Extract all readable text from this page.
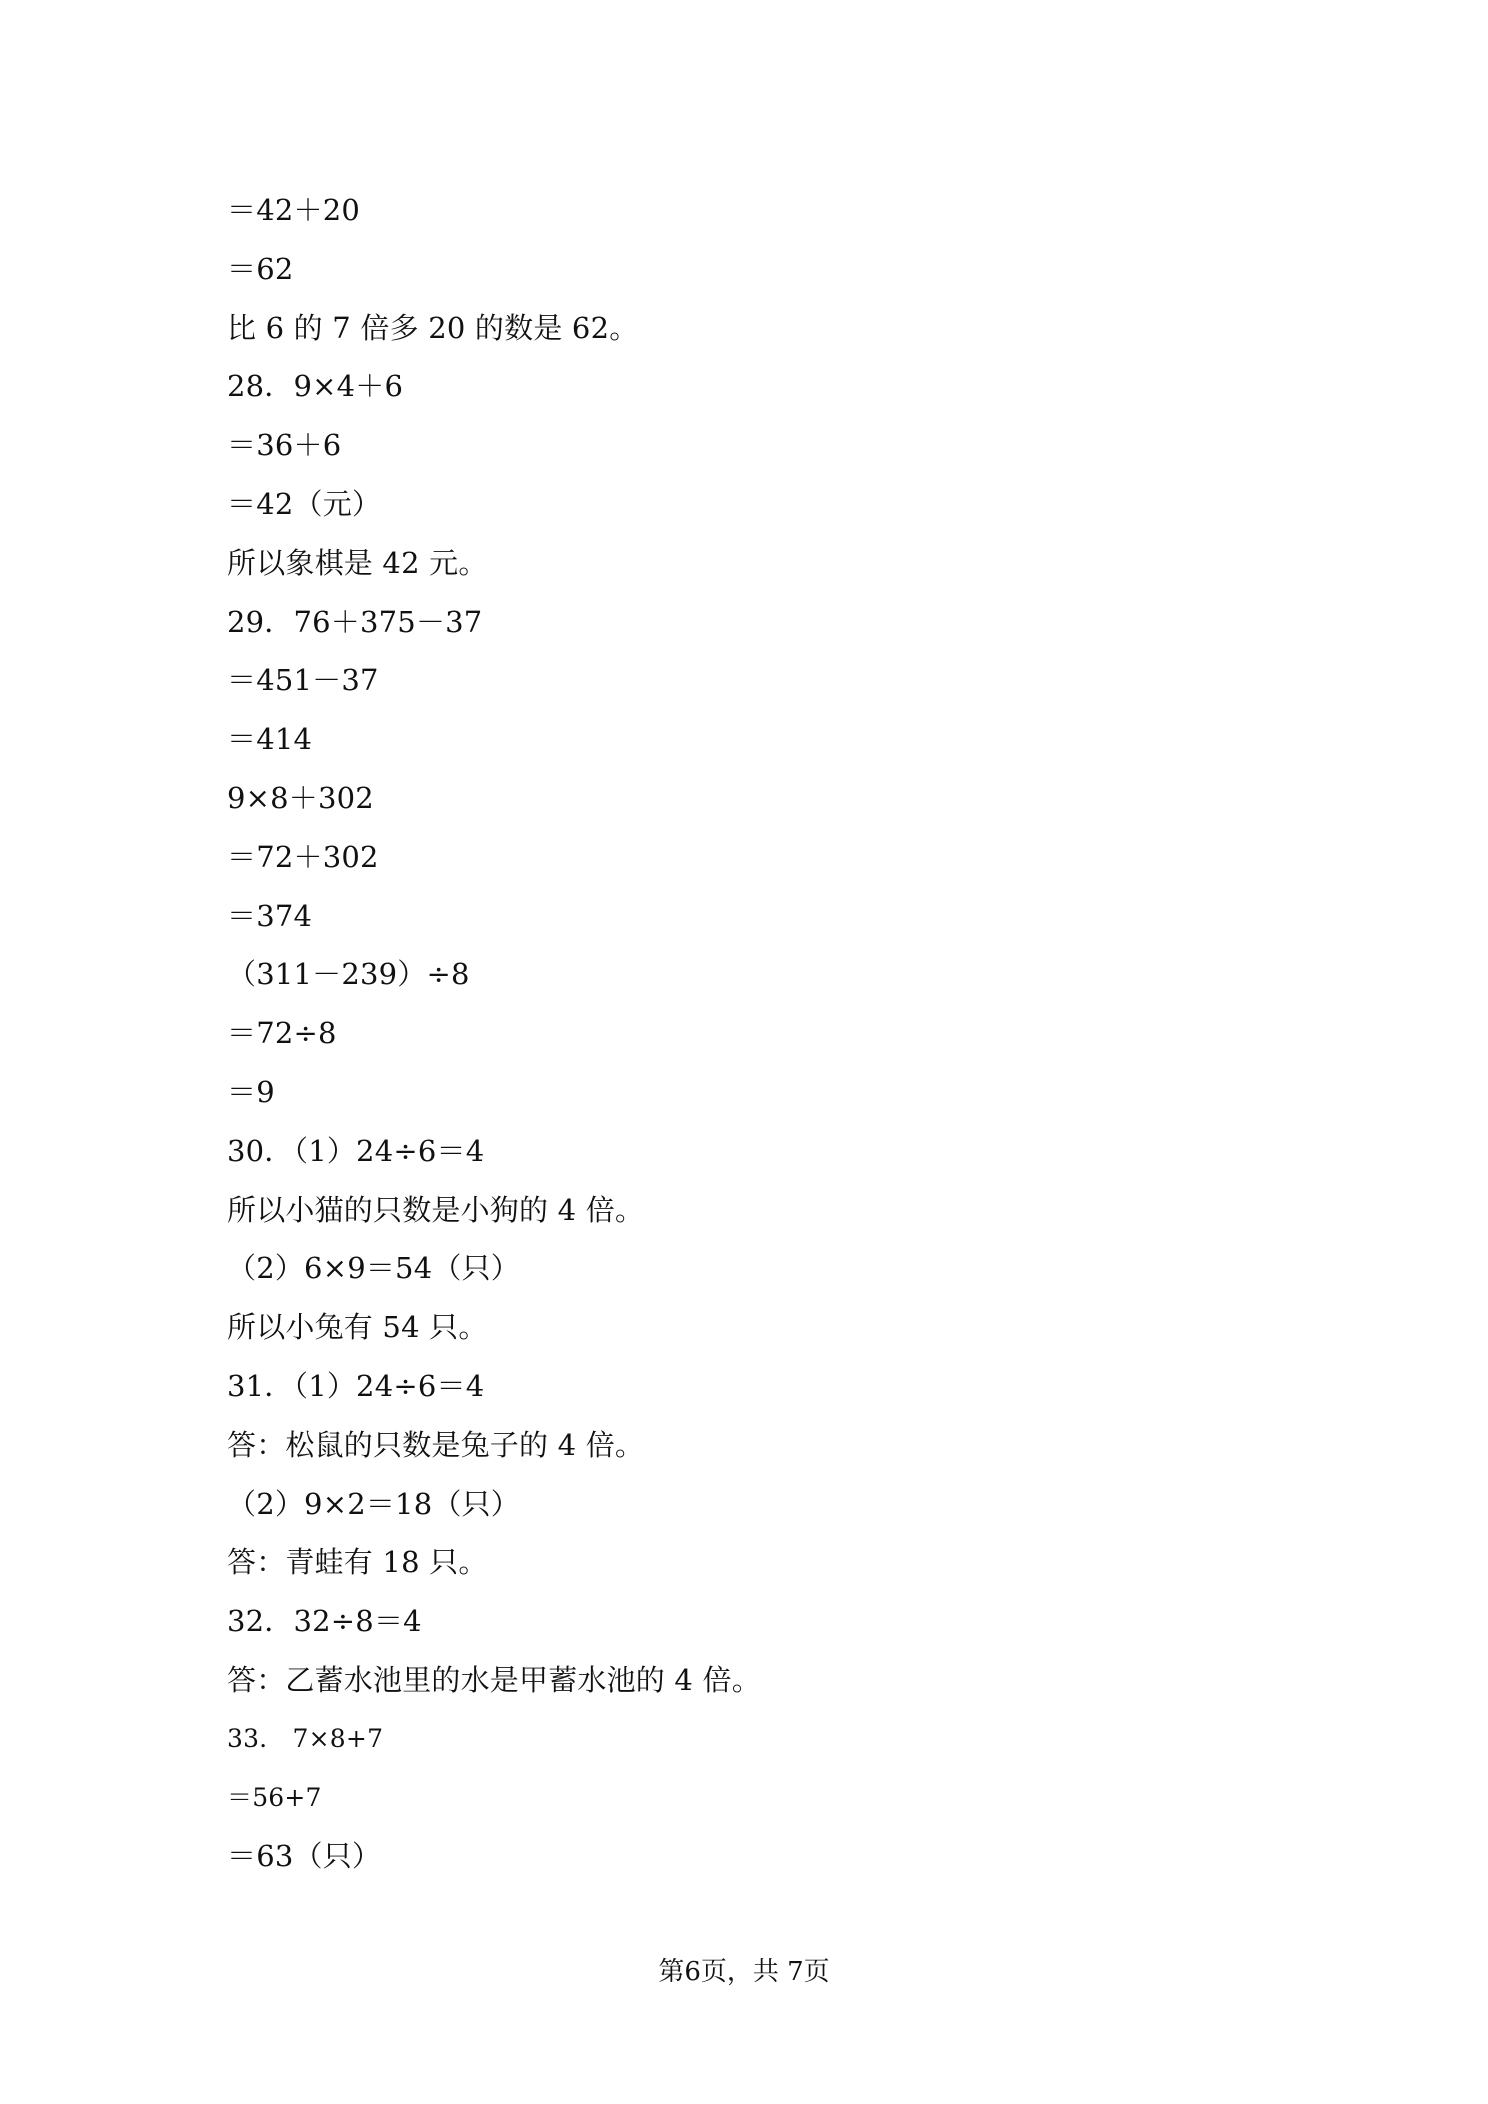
＝42＋20
＝62
比 6 的 7 倍多 20 的数是 62。
28．9×4＋6
＝36＋6
＝42（元）
所以象棋是 42 元。
29．76＋375－37
＝451－37
＝414
9×8＋302
＝72＋302
＝374
（311－239）÷8
＝72÷8
＝9
30．（1）24÷6＝4
所以小猫的只数是小狗的 4 倍。
（2）6×9＝54（只）
所以小兔有 54 只。
31．（1）24÷6＝4
答：松鼠的只数是兔子的 4 倍。
（2）9×2＝18（只）
答：青蛙有 18 只。
32．32÷8＝4
答：乙蓄水池里的水是甲蓄水池的 4 倍。
33． 7×8+7
＝56+7
＝63（只）
第6页，共 7页
